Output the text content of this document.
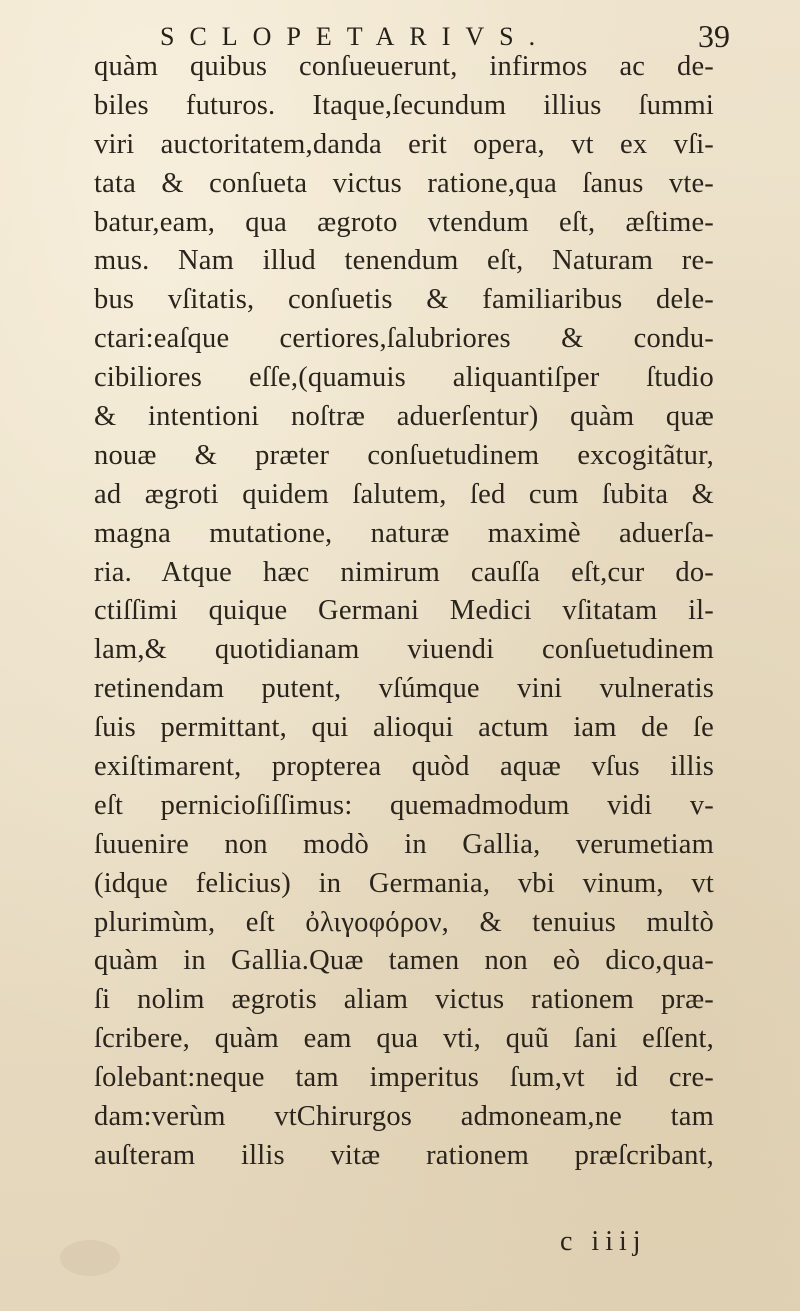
SCLOPETARIVS.	39
quàm quibus conſueuerunt, infirmos ac de-
biles futuros. Itaque,ſecundum illius ſummi
viri auctoritatem,danda erit opera, vt ex vſi-
tata & conſueta victus ratione,qua ſanus vte-
batur,eam, qua ægroto vtendum eſt, æſtime-
mus. Nam illud tenendum eſt, Naturam re-
bus vſitatis, conſuetis & familiaribus dele-
ctari:eaſque certiores,ſalubriores & condu-
cibiliores eſſe,(quamuis aliquantiſper ſtudio
& intentioni noſtræ aduerſentur) quàm quæ
nouæ & præter conſuetudinem excogitãtur,
ad ægroti quidem ſalutem, ſed cum ſubita &
magna mutatione, naturæ maximè aduerſa-
ria. Atque hæc nimirum cauſſa eſt,cur do-
ctiſſimi quique Germani Medici vſitatam il-
lam,& quotidianam viuendi conſuetudinem
retinendam putent, vſúmque vini vulneratis
ſuis permittant, qui alioqui actum iam de ſe
exiſtimarent, propterea quòd aquæ vſus illis
eſt pernicioſiſſimus: quemadmodum vidi v-
ſuuenire non modò in Gallia, verumetiam
(idque felicius) in Germania, vbi vinum, vt
plurimùm, eſt ὀλιγοφόρον, & tenuius multò
quàm in Gallia.Quæ tamen non eò dico,qua-
ſi nolim ægrotis aliam victus rationem præ-
ſcribere, quàm eam qua vti, quũ ſani eſſent,
ſolebant:neque tam imperitus ſum,vt id cre-
dam:verùm vtChirurgos admoneam,ne tam
auſteram illis vitæ rationem præſcribant,
c iiij
